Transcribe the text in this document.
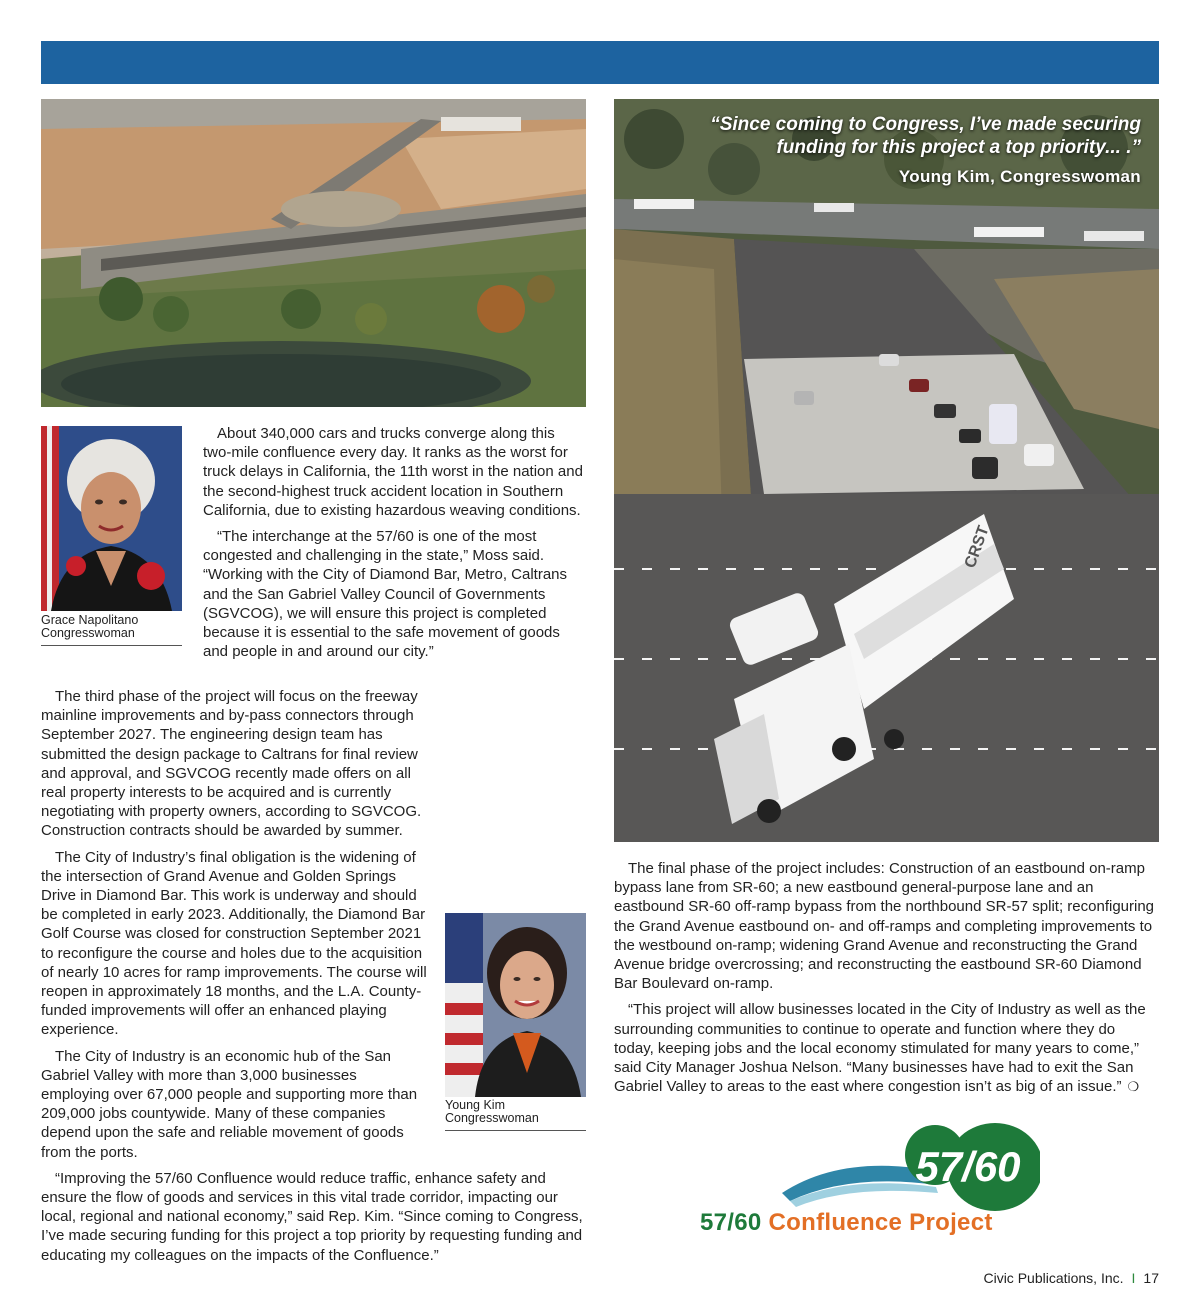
CRST
“Since coming to Congress, I’ve made securing funding for this project a top priority... .”
Young Kim, Congresswoman
Grace Napolitano
Congresswoman
Young Kim
Congresswoman

About 340,000 cars and trucks converge along this two-mile confluence every day. It ranks as the worst for truck delays in California, the 11th worst in the nation and the second-highest truck accident location in Southern California, due to existing hazardous weaving conditions.

“The interchange at the 57/60 is one of the most congested and challenging in the state,” Moss said. “Working with the City of Diamond Bar, Metro, Caltrans and the San Gabriel Valley Council of Governments (SGVCOG), we will ensure this project is completed because it is essential to the safe movement of goods and people in and around our city.”

The third phase of the project will focus on the freeway mainline improvements and by-pass connectors through September 2027. The engineering design team has submitted the design package to Caltrans for final review and approval, and SGVCOG recently made offers on all real property interests to be acquired and is currently negotiating with property owners, according to SGVCOG. Construction contracts should be awarded by summer.

The City of Industry’s final obligation is the widening of the intersection of Grand Avenue and Golden Springs Drive in Diamond Bar. This work is underway and should be completed in early 2023. Additionally, the Diamond Bar Golf Course was closed for construction September 2021 to reconfigure the course and holes due to the acquisition of nearly 10 acres for ramp improvements. The course will reopen in approximately 18 months, and the L.A. County-funded improvements will offer an enhanced playing experience.

The City of Industry is an economic hub of the San Gabriel Valley with more than 3,000 businesses employing over 67,000 people and supporting more than 209,000 jobs countywide. Many of these companies depend upon the safe and reliable movement of goods from the ports.

“Improving the 57/60 Confluence would reduce traffic, enhance safety and ensure the flow of goods and services in this vital trade corridor, impacting our local, regional and national economy,” said Rep. Kim. “Since coming to Congress, I’ve made securing funding for this project a top priority by requesting funding and educating my colleagues on the impacts of the Confluence.”

The final phase of the project includes: Construction of an eastbound on-ramp bypass lane from SR-60; a new eastbound general-purpose lane and an eastbound SR-60 off-ramp bypass from the northbound SR-57 split; reconfiguring the Grand Avenue eastbound on- and off-ramps and completing improvements to the westbound on-ramp; widening Grand Avenue and reconstructing the Grand Avenue bridge overcrossing; and reconstructing the eastbound SR-60 Diamond Bar Boulevard on-ramp.

“This project will allow businesses located in the City of Industry as well as the surrounding communities to continue to operate and function where they do today, keeping jobs and the local economy stimulated for many years to come,” said City Manager Joshua Nelson. “Many businesses have had to exit the San Gabriel Valley to areas to the east where congestion isn’t as big of an issue.” ❍

57/60
57/60 Confluence Project
Civic Publications, Inc. I 17
